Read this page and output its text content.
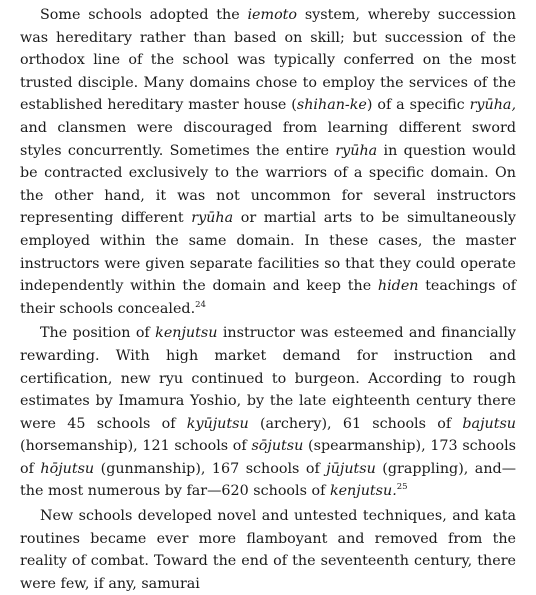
Some schools adopted the iemoto system, whereby succession was hereditary rather than based on skill; but succession of the orthodox line of the school was typically conferred on the most trusted disciple. Many domains chose to employ the services of the established hereditary master house (shihan-ke) of a specific ryūha, and clansmen were discouraged from learning different sword styles concurrently. Sometimes the entire ryūha in question would be contracted exclusively to the warriors of a specific domain. On the other hand, it was not uncommon for several instructors representing different ryūha or martial arts to be simultaneously employed within the same domain. In these cases, the master instructors were given separate facilities so that they could operate independently within the domain and keep the hiden teachings of their schools concealed.$^{24}$

The position of kenjutsu instructor was esteemed and financially rewarding. With high market demand for instruction and certification, new ryu continued to burgeon. According to rough estimates by Imamura Yoshio, by the late eighteenth century there were 45 schools of kyūjutsu (archery), 61 schools of bajutsu (horsemanship), 121 schools of sōjutsu (spearmanship), 173 schools of hōjutsu (gunmanship), 167 schools of jūjutsu (grappling), and—the most numerous by far—620 schools of kenjutsu.$^{25}$

New schools developed novel and untested techniques, and kata routines became ever more flamboyant and removed from the reality of combat. Toward the end of the seventeenth century, there were few, if any, samurai
